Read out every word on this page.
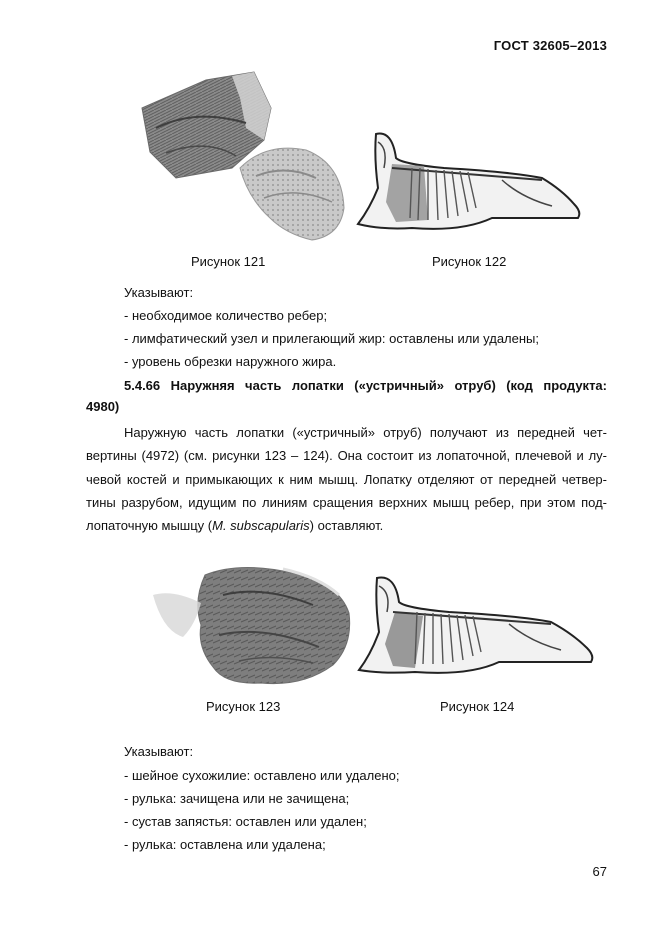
ГОСТ 32605–2013
Рисунок 121	Рисунок 122
Указывают:
- необходимое количество ребер;
- лимфатический узел и прилегающий жир: оставлены или удалены;
- уровень обрезки наружного жира.
5.4.66 Наружняя часть лопатки («устричный» отруб) (код продукта:
4980)
Наружную часть лопатки («устричный» отруб) получают из передней чет-
вертины (4972) (см. рисунки 123 – 124). Она состоит из лопаточной, плечевой и лу-
чевой костей и примыкающих к ним мышц. Лопатку отделяют от передней четвер-
тины разрубом, идущим по линиям сращения верхних мышц ребер, при этом под-
лопаточную мышцу (M. subscapularis) оставляют.
Рисунок 123	Рисунок 124
Указывают:
- шейное сухожилие: оставлено или удалено;
- рулька: зачищена или не зачищена;
- сустав запястья: оставлен или удален;
- рулька: оставлена или удалена;
67
